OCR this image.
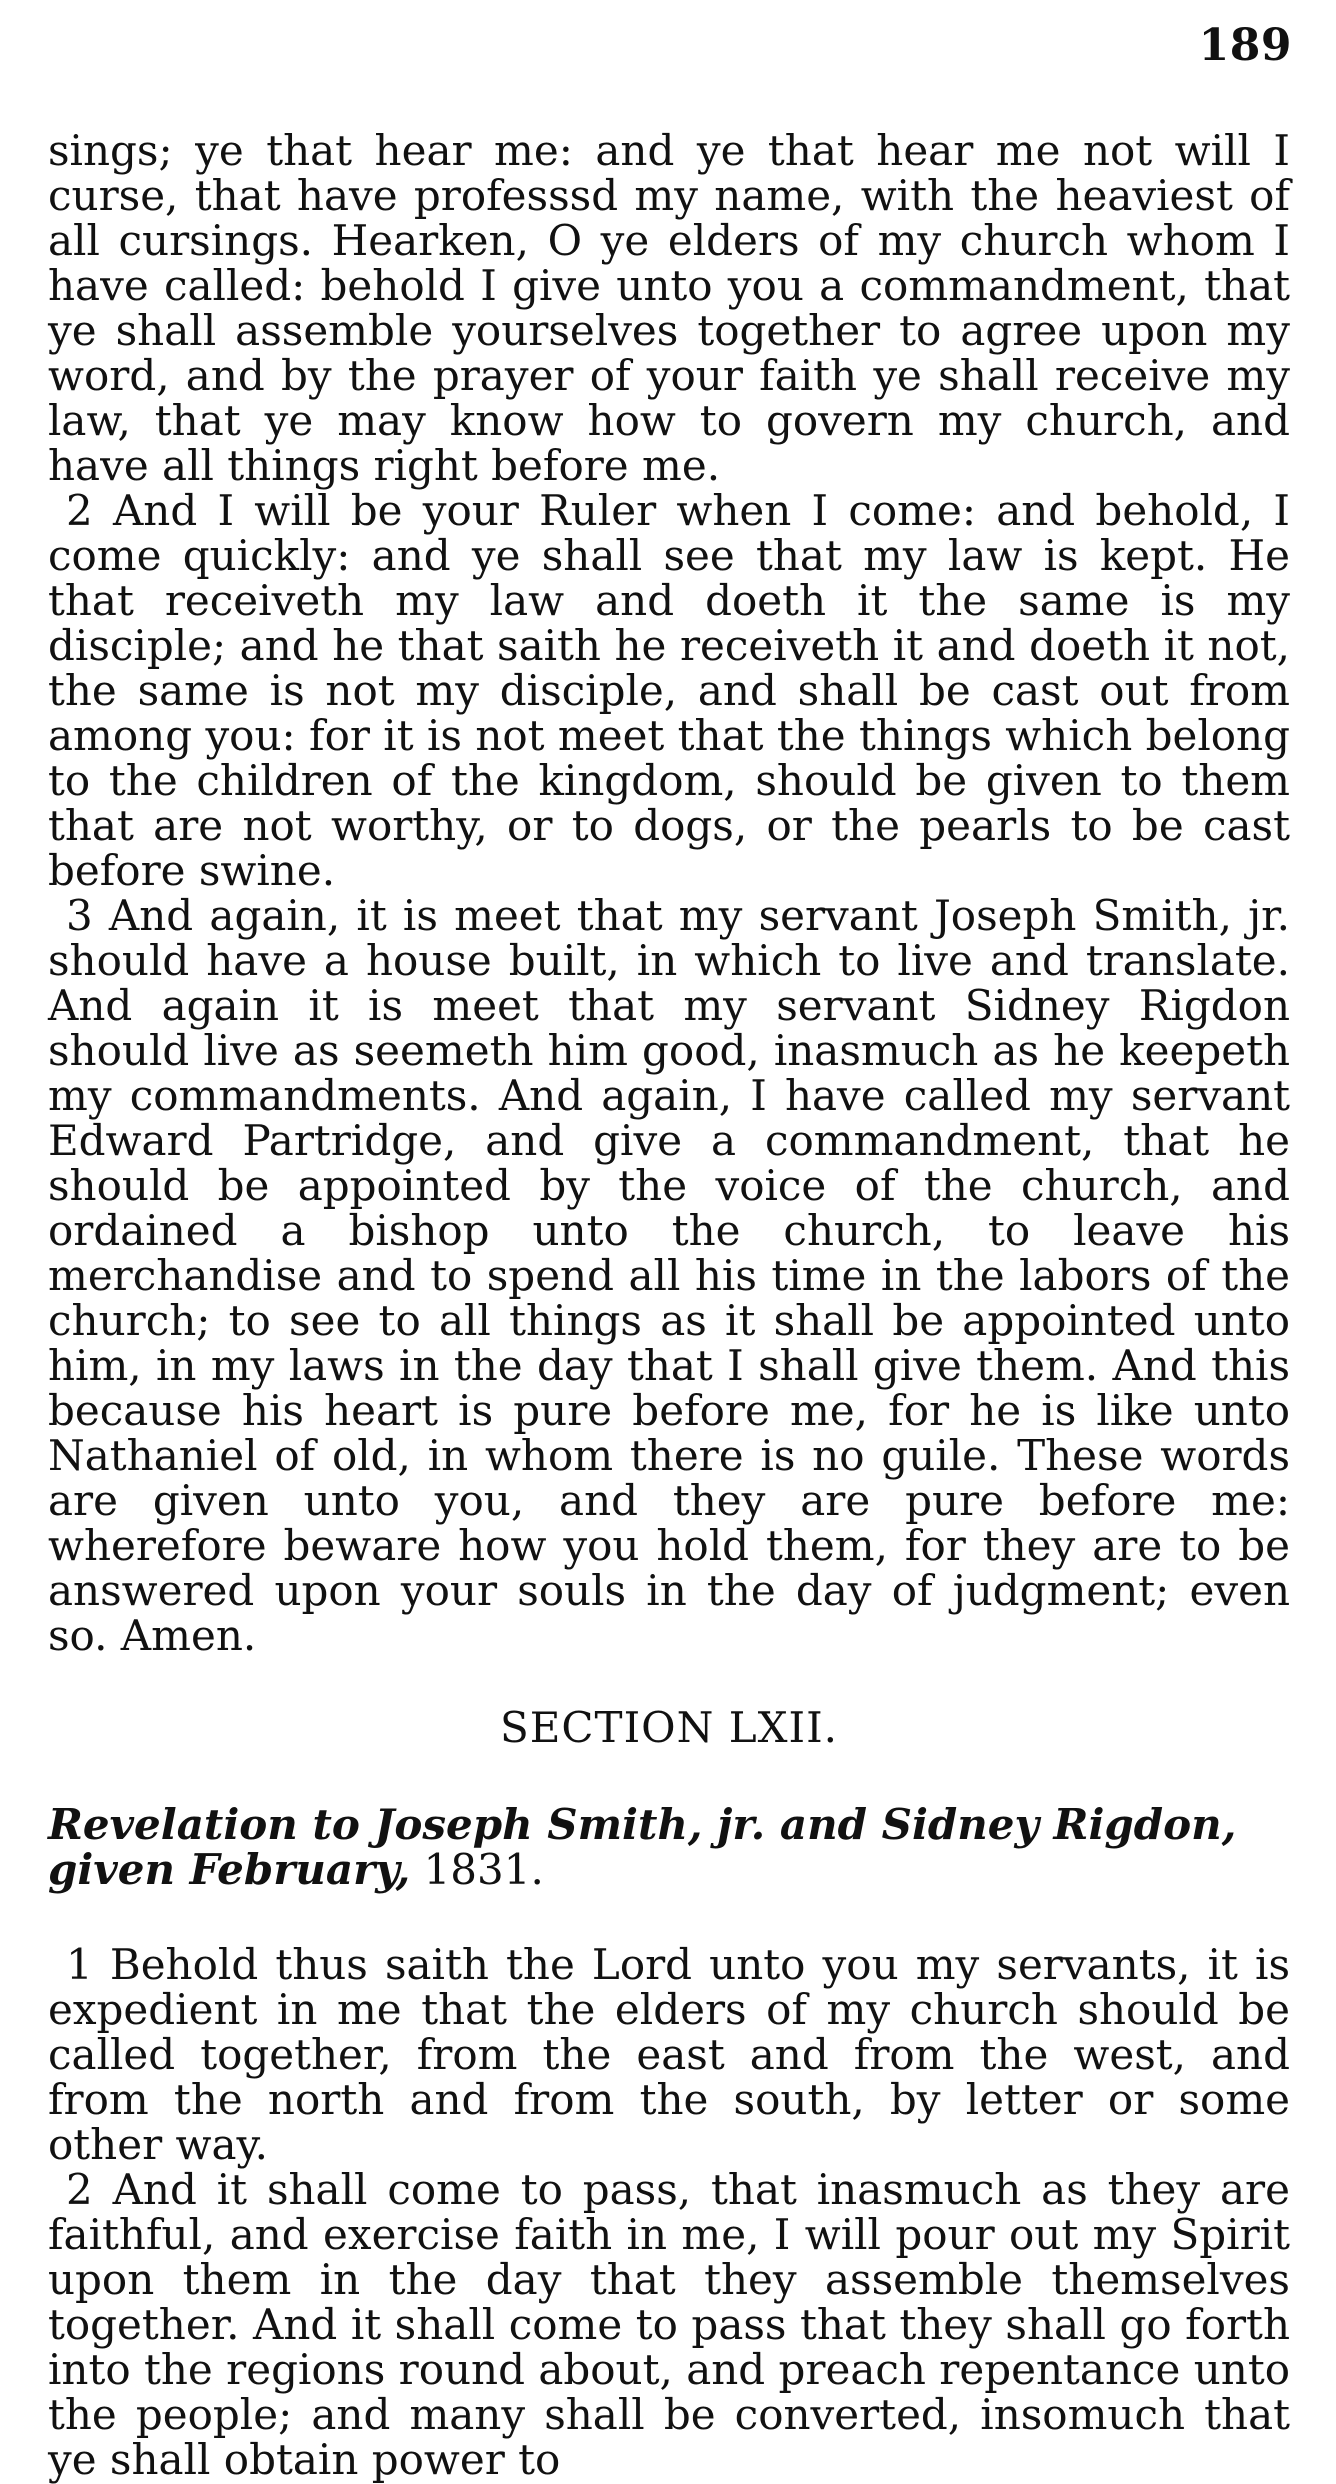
189

sings; ye that hear me: and ye that hear me not will I curse, that have professsd my name, with the heaviest of all cursings. Hearken, O ye elders of my church whom I have called: behold I give unto you a commandment, that ye shall assemble yourselves together to agree upon my word, and by the prayer of your faith ye shall receive my law, that ye may know how to govern my church, and have all things right before me.

2 And I will be your Ruler when I come: and behold, I come quickly: and ye shall see that my law is kept. He that receiveth my law and doeth it the same is my disciple; and he that saith he receiveth it and doeth it not, the same is not my disciple, and shall be cast out from among you: for it is not meet that the things which belong to the children of the kingdom, should be given to them that are not worthy, or to dogs, or the pearls to be cast before swine.

3 And again, it is meet that my servant Joseph Smith, jr. should have a house built, in which to live and translate. And again it is meet that my servant Sidney Rigdon should live as seemeth him good, inasmuch as he keepeth my commandments. And again, I have called my servant Edward Partridge, and give a commandment, that he should be appointed by the voice of the church, and ordained a bishop unto the church, to leave his merchandise and to spend all his time in the labors of the church; to see to all things as it shall be appointed unto him, in my laws in the day that I shall give them. And this because his heart is pure before me, for he is like unto Nathaniel of old, in whom there is no guile. These words are given unto you, and they are pure before me: wherefore beware how you hold them, for they are to be answered upon your souls in the day of judgment; even so. Amen.

SECTION LXII.

Revelation to Joseph Smith, jr. and Sidney Rigdon, given February, 1831.

1 Behold thus saith the Lord unto you my servants, it is expedient in me that the elders of my church should be called together, from the east and from the west, and from the north and from the south, by letter or some other way.

2 And it shall come to pass, that inasmuch as they are faithful, and exercise faith in me, I will pour out my Spirit upon them in the day that they assemble themselves together. And it shall come to pass that they shall go forth into the regions round about, and preach repentance unto the people; and many shall be converted, insomuch that ye shall obtain power to
